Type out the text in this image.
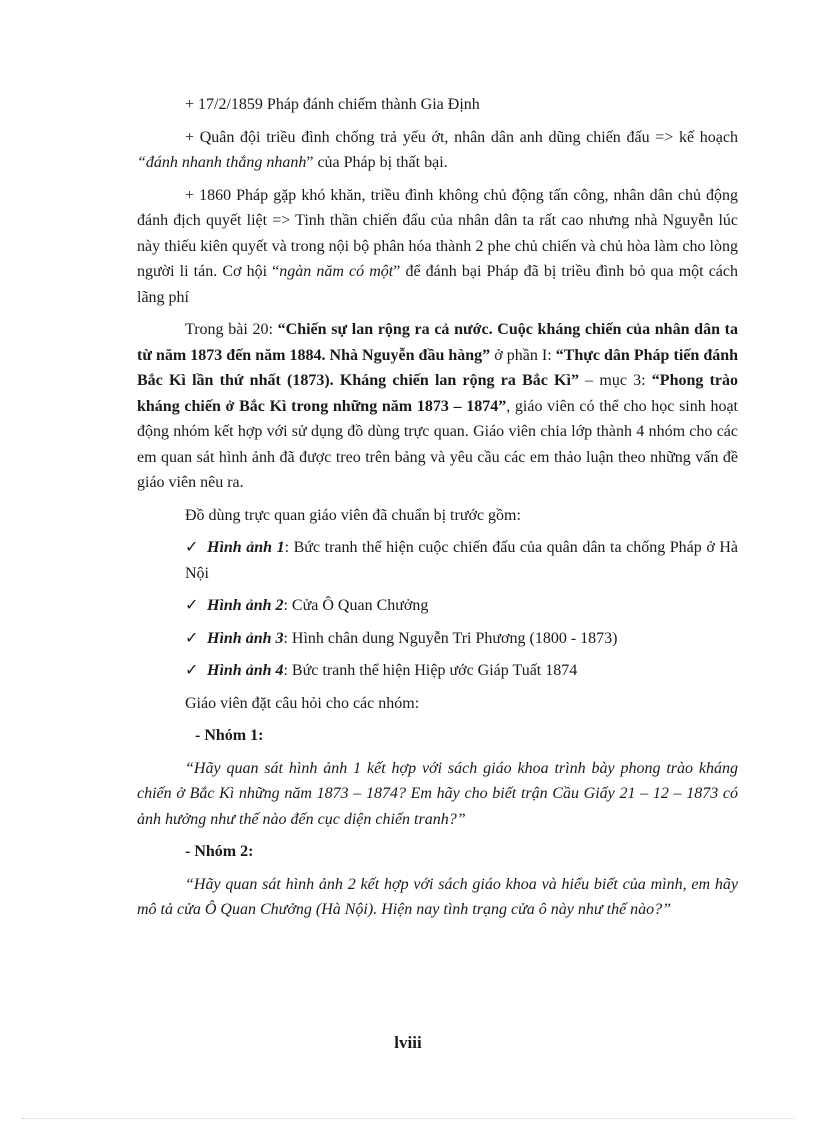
+ 17/2/1859 Pháp đánh chiếm thành Gia Định

+ Quân đội triều đình chống trả yếu ớt, nhân dân anh dũng chiến đấu => kế hoạch “đánh nhanh thắng nhanh” của Pháp bị thất bại.

+ 1860 Pháp gặp khó khăn, triều đình không chủ động tấn công, nhân dân chủ động đánh địch quyết liệt => Tinh thần chiến đấu của nhân dân ta rất cao nhưng nhà Nguyễn lúc này thiếu kiên quyết và trong nội bộ phân hóa thành 2 phe chủ chiến và chủ hòa làm cho lòng người li tán. Cơ hội “ngàn năm có một” để đánh bại Pháp đã bị triều đình bỏ qua một cách lãng phí

Trong bài 20: “Chiến sự lan rộng ra cả nước. Cuộc kháng chiến của nhân dân ta từ năm 1873 đến năm 1884. Nhà Nguyễn đầu hàng” ở phần I: “Thực dân Pháp tiến đánh Bắc Kì lần thứ nhất (1873). Kháng chiến lan rộng ra Bắc Kì” – mục 3: “Phong trào kháng chiến ở Bắc Kì trong những năm 1873 – 1874”, giáo viên có thể cho học sinh hoạt động nhóm kết hợp với sử dụng đồ dùng trực quan. Giáo viên chia lớp thành 4 nhóm cho các em quan sát hình ảnh đã được treo trên bảng và yêu cầu các em thảo luận theo những vấn đề giáo viên nêu ra.

Đồ dùng trực quan giáo viên đã chuẩn bị trước gồm:

✓ Hình ảnh 1: Bức tranh thể hiện cuộc chiến đấu của quân dân ta chống Pháp ở Hà Nội

✓ Hình ảnh 2: Cửa Ô Quan Chưởng

✓ Hình ảnh 3: Hình chân dung Nguyễn Tri Phương (1800 - 1873)

✓ Hình ảnh 4: Bức tranh thể hiện Hiệp ước Giáp Tuất 1874

Giáo viên đặt câu hỏi cho các nhóm:

- Nhóm 1:

“Hãy quan sát hình ảnh 1 kết hợp với sách giáo khoa trình bày phong trào kháng chiến ở Bắc Kì những năm 1873 – 1874? Em hãy cho biết trận Cầu Giấy 21 – 12 – 1873 có ảnh hưởng như thế nào đến cục diện chiến tranh?”

- Nhóm 2:

“Hãy quan sát hình ảnh 2 kết hợp với sách giáo khoa và hiểu biết của mình, em hãy mô tả cửa Ô Quan Chưởng (Hà Nội). Hiện nay tình trạng cửa ô này như thế nào?”

lviii
